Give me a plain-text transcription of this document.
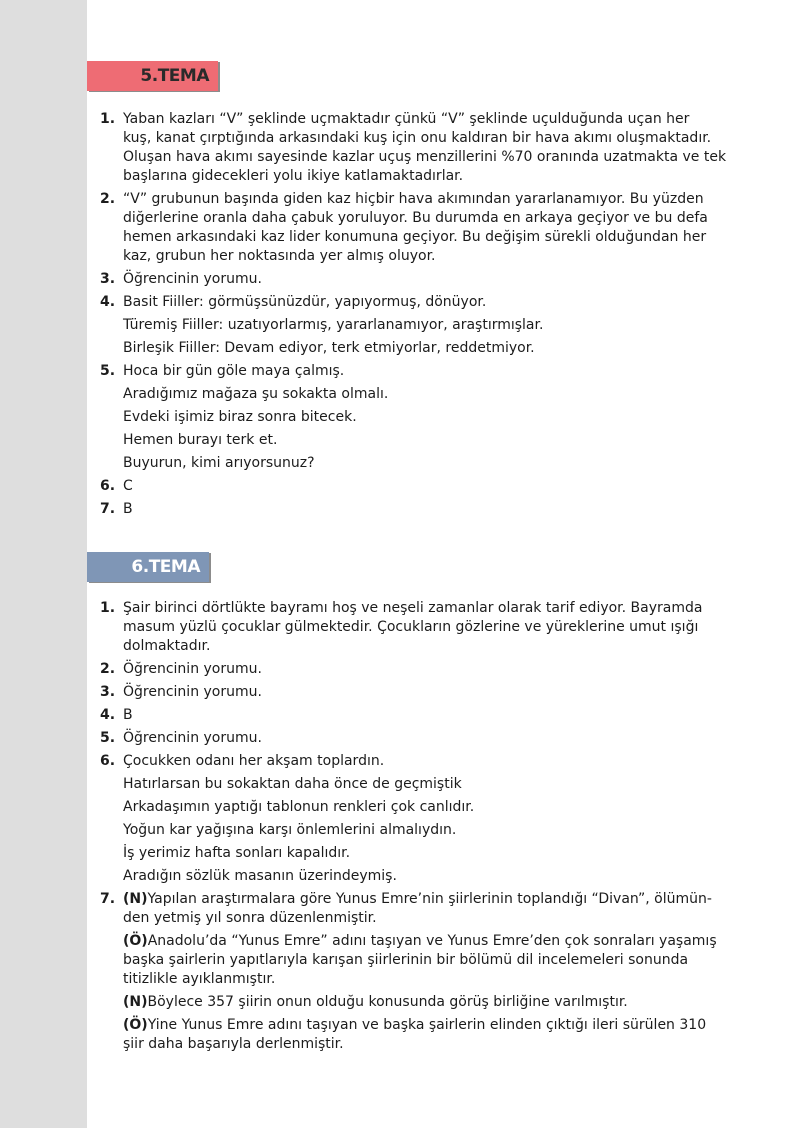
5.TEMA
1. Yaban kazları “V” şeklinde uçmaktadır çünkü “V” şeklinde uçulduğunda uçan her
kuş, kanat çırptığında arkasındaki kuş için onu kaldıran bir hava akımı oluşmaktadır.
Oluşan hava akımı sayesinde kazlar uçuş menzillerini %70 oranında uzatmakta ve tek
başlarına gidecekleri yolu ikiye katlamaktadırlar.
2. “V” grubunun başında giden kaz hiçbir hava akımından yararlanamıyor. Bu yüzden
diğerlerine oranla daha çabuk yoruluyor. Bu durumda en arkaya geçiyor ve bu defa
hemen arkasındaki kaz lider konumuna geçiyor. Bu değişim sürekli olduğundan her
kaz, grubun her noktasında yer almış oluyor.
3. Öğrencinin yorumu.
4. Basit Fiiller: görmüşsünüzdür, yapıyormuş, dönüyor.
Türemiş Fiiller: uzatıyorlarmış, yararlanamıyor, araştırmışlar.
Birleşik Fiiller: Devam ediyor, terk etmiyorlar, reddetmiyor.
5. Hoca bir gün göle maya çalmış.
Aradığımız mağaza şu sokakta olmalı.
Evdeki işimiz biraz sonra bitecek.
Hemen burayı terk et.
Buyurun, kimi arıyorsunuz?
6. C
7. B
6.TEMA
1. Şair birinci dörtlükte bayramı hoş ve neşeli zamanlar olarak tarif ediyor. Bayramda
masum yüzlü çocuklar gülmektedir. Çocukların gözlerine ve yüreklerine umut ışığı
dolmaktadır.
2. Öğrencinin yorumu.
3. Öğrencinin yorumu.
4. B
5. Öğrencinin yorumu.
6. Çocukken odanı her akşam toplardın.
Hatırlarsan bu sokaktan daha önce de geçmiştik
Arkadaşımın yaptığı tablonun renkleri çok canlıdır.
Yoğun kar yağışına karşı önlemlerini almalıydın.
İş yerimiz hafta sonları kapalıdır.
Aradığın sözlük masanın üzerindeymiş.
7. (N)Yapılan araştırmalara göre Yunus Emre’nin şiirlerinin toplandığı “Divan”, ölümün-

den yetmiş yıl sonra düzenlenmiştir.
(Ö)Anadolu’da “Yunus Emre” adını taşıyan ve Yunus Emre’den çok sonraları yaşamış

başka şairlerin yapıtlarıyla karışan şiirlerinin bir bölümü dil incelemeleri sonunda
titizlikle ayıklanmıştır.
(N)Böylece 357 şiirin onun olduğu konusunda görüş birliğine varılmıştır.
(Ö)Yine Yunus Emre adını taşıyan ve başka şairlerin elinden çıktığı ileri sürülen 310

şiir daha başarıyla derlenmiştir.
